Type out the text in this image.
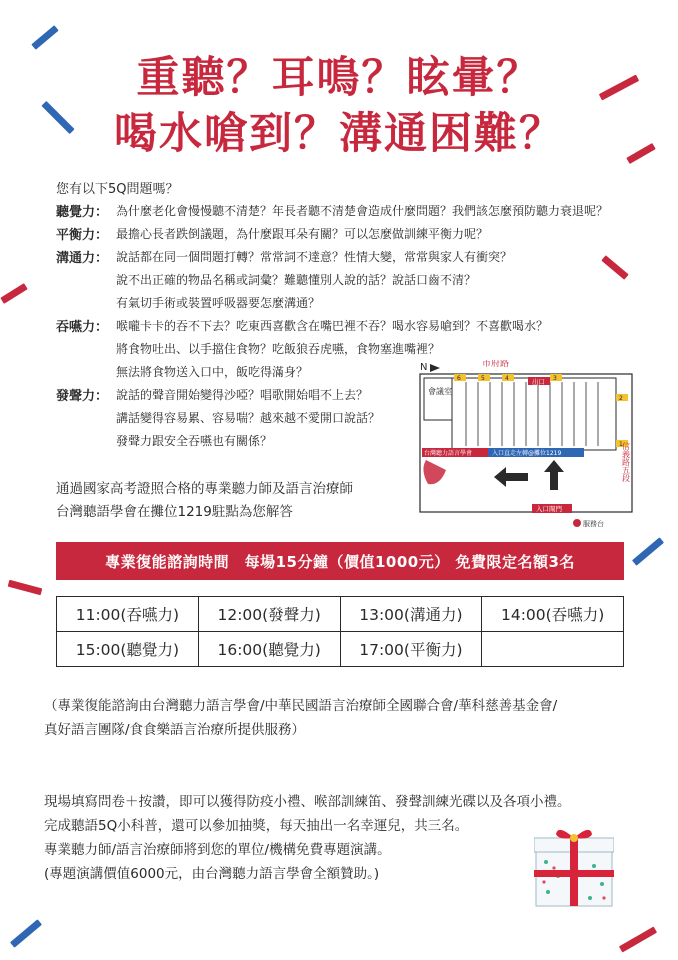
重聽？耳鳴？眩暈？
喝水嗆到？溝通困難？
您有以下5Q問題嗎？
聽覺力： 為什麼老化會慢慢聽不清楚？年長者聽不清楚會造成什麼問題？我們該怎麼預防聽力衰退呢？
平衡力： 最擔心長者跌倒議題，為什麼跟耳朵有關？可以怎麼做訓練平衡力呢？
溝通力： 說話都在同一個問題打轉？常常詞不達意？性情大變，常常與家人有衝突？
說不出正確的物品名稱或詞彙？難聽懂別人說的話？說話口齒不清？
有氣切手術或裝置呼吸器要怎麼溝通？
吞嚥力： 喉嚨卡卡的吞不下去？吃東西喜歡含在嘴巴裡不吞？喝水容易嗆到？不喜歡喝水？
將食物吐出、以手擋住食物？吃飯狼吞虎嚥，食物塞進嘴裡？
無法將食物送入口中，飯吃得滿身？
發聲力： 說話的聲音開始變得沙啞？唱歌開始唱不上去？
講話變得容易累、容易喘？越來越不愛開口說話？
發聲力跟安全吞嚥也有關係？
N	市府路
會議室
6	5	4	3
出口
2
1
信義路五段
台灣聽力語言學會	入口直走左轉@攤位1219
入口閘門
服務台
通過國家高考證照合格的專業聽力師及語言治療師
台灣聽語學會在攤位1219駐點為您解答
專業復能諮詢時間　每場15分鐘（價值1000元） 免費限定名額3名
11:00(吞嚥力)	12:00(發聲力)	13:00(溝通力)	14:00(吞嚥力)
15:00(聽覺力)	16:00(聽覺力)	17:00(平衡力)	
（專業復能諮詢由台灣聽力語言學會/中華民國語言治療師全國聯合會/華科慈善基金會/
真好語言團隊/食食樂語言治療所提供服務）
現場填寫問卷＋按讚，即可以獲得防疫小禮、喉部訓練笛、發聲訓練光碟以及各項小禮。
完成聽語5Q小科普，還可以參加抽獎，每天抽出一名幸運兒，共三名。
專業聽力師/語言治療師將到您的單位/機構免費專題演講。
(專題演講價值6000元，由台灣聽力語言學會全額贊助。)
